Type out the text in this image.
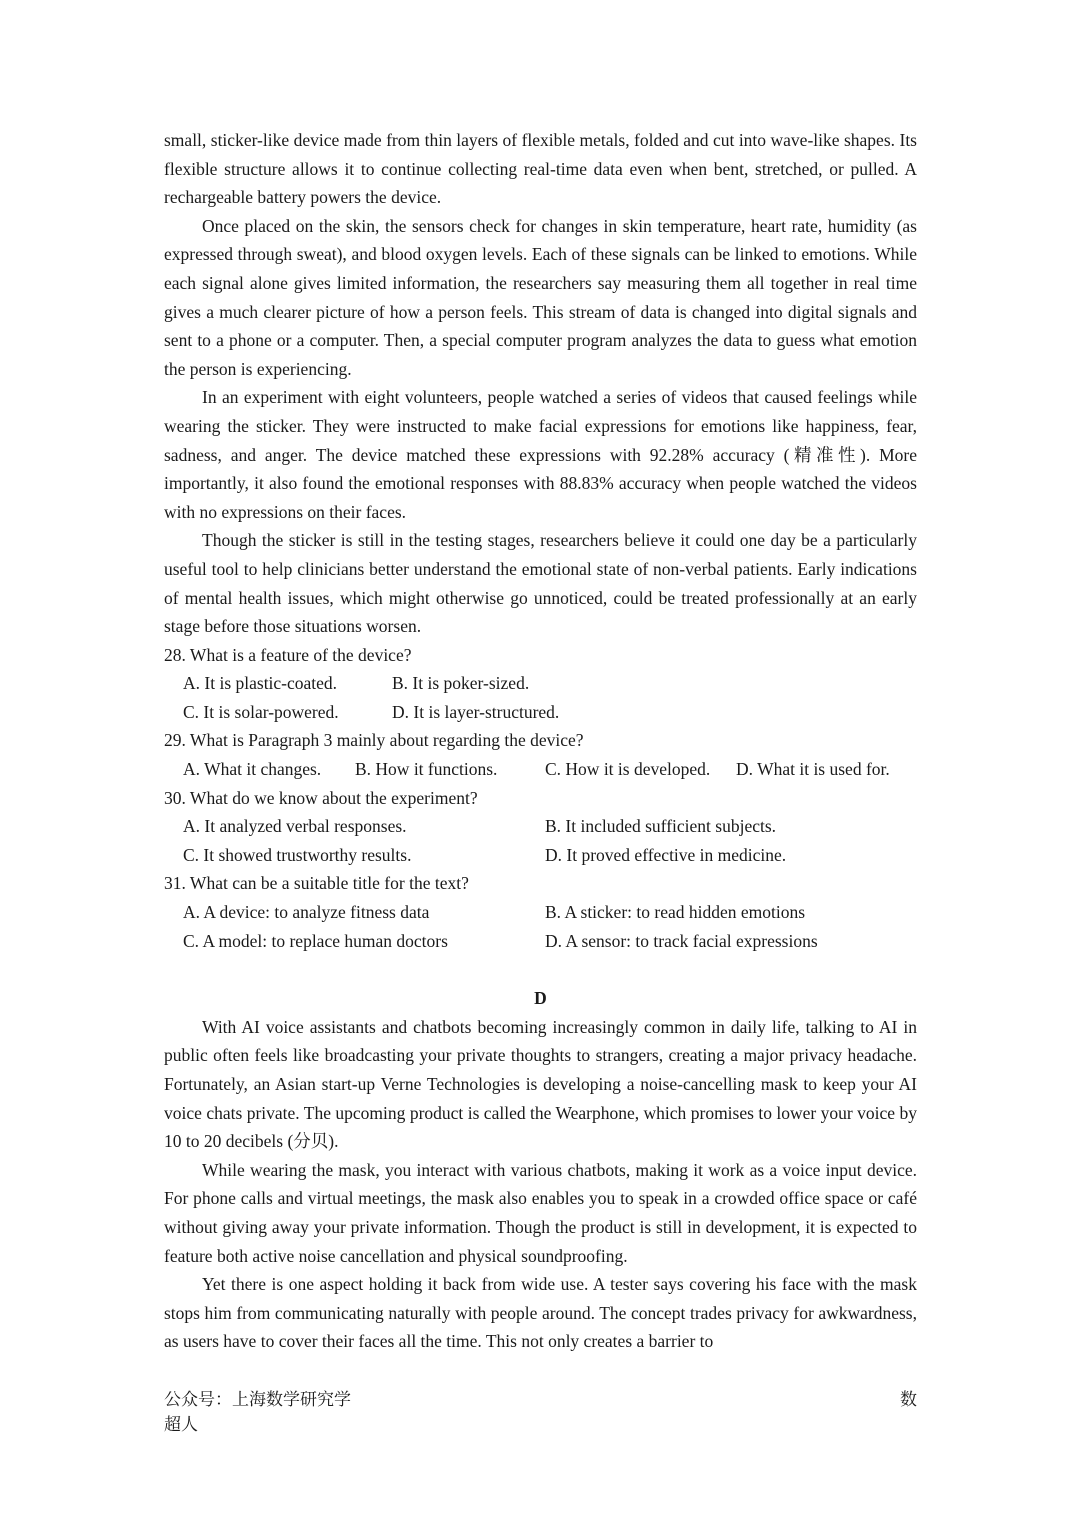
small, sticker-like device made from thin layers of flexible metals, folded and cut into wave-like shapes. Its flexible structure allows it to continue collecting real-time data even when bent, stretched, or pulled. A rechargeable battery powers the device.

Once placed on the skin, the sensors check for changes in skin temperature, heart rate, humidity (as expressed through sweat), and blood oxygen levels. Each of these signals can be linked to emotions. While each signal alone gives limited information, the researchers say measuring them all together in real time gives a much clearer picture of how a person feels. This stream of data is changed into digital signals and sent to a phone or a computer. Then, a special computer program analyzes the data to guess what emotion the person is experiencing.

In an experiment with eight volunteers, people watched a series of videos that caused feelings while wearing the sticker. They were instructed to make facial expressions for emotions like happiness, fear, sadness, and anger. The device matched these expressions with 92.28% accuracy (精准性). More importantly, it also found the emotional responses with 88.83% accuracy when people watched the videos with no expressions on their faces.

Though the sticker is still in the testing stages, researchers believe it could one day be a particularly useful tool to help clinicians better understand the emotional state of non-verbal patients. Early indications of mental health issues, which might otherwise go unnoticed, could be treated professionally at an early stage before those situations worsen.

28. What is a feature of the device?

A. It is plastic-coated.	B. It is poker-sized.
C. It is solar-powered.	D. It is layer-structured.

29. What is Paragraph 3 mainly about regarding the device?

A. What it changes.	B. How it functions.	C. How it is developed.	D. What it is used for.

30. What do we know about the experiment?

A. It analyzed verbal responses.	B. It included sufficient subjects.
C. It showed trustworthy results.	D. It proved effective in medicine.

31. What can be a suitable title for the text?

A. A device: to analyze fitness data	B. A sticker: to read hidden emotions
C. A model: to replace human doctors	D. A sensor: to track facial expressions

D

With AI voice assistants and chatbots becoming increasingly common in daily life, talking to AI in public often feels like broadcasting your private thoughts to strangers, creating a major privacy headache. Fortunately, an Asian start-up Verne Technologies is developing a noise-cancelling mask to keep your AI voice chats private. The upcoming product is called the Wearphone, which promises to lower your voice by 10 to 20 decibels (分贝).

While wearing the mask, you interact with various chatbots, making it work as a voice input device. For phone calls and virtual meetings, the mask also enables you to speak in a crowded office space or café without giving away your private information. Though the product is still in development, it is expected to feature both active noise cancellation and physical soundproofing.

Yet there is one aspect holding it back from wide use. A tester says covering his face with the mask stops him from communicating naturally with people around. The concept trades privacy for awkwardness, as users have to cover their faces all the time. This not only creates a barrier to

公众号：上海数学研究学超人
数
